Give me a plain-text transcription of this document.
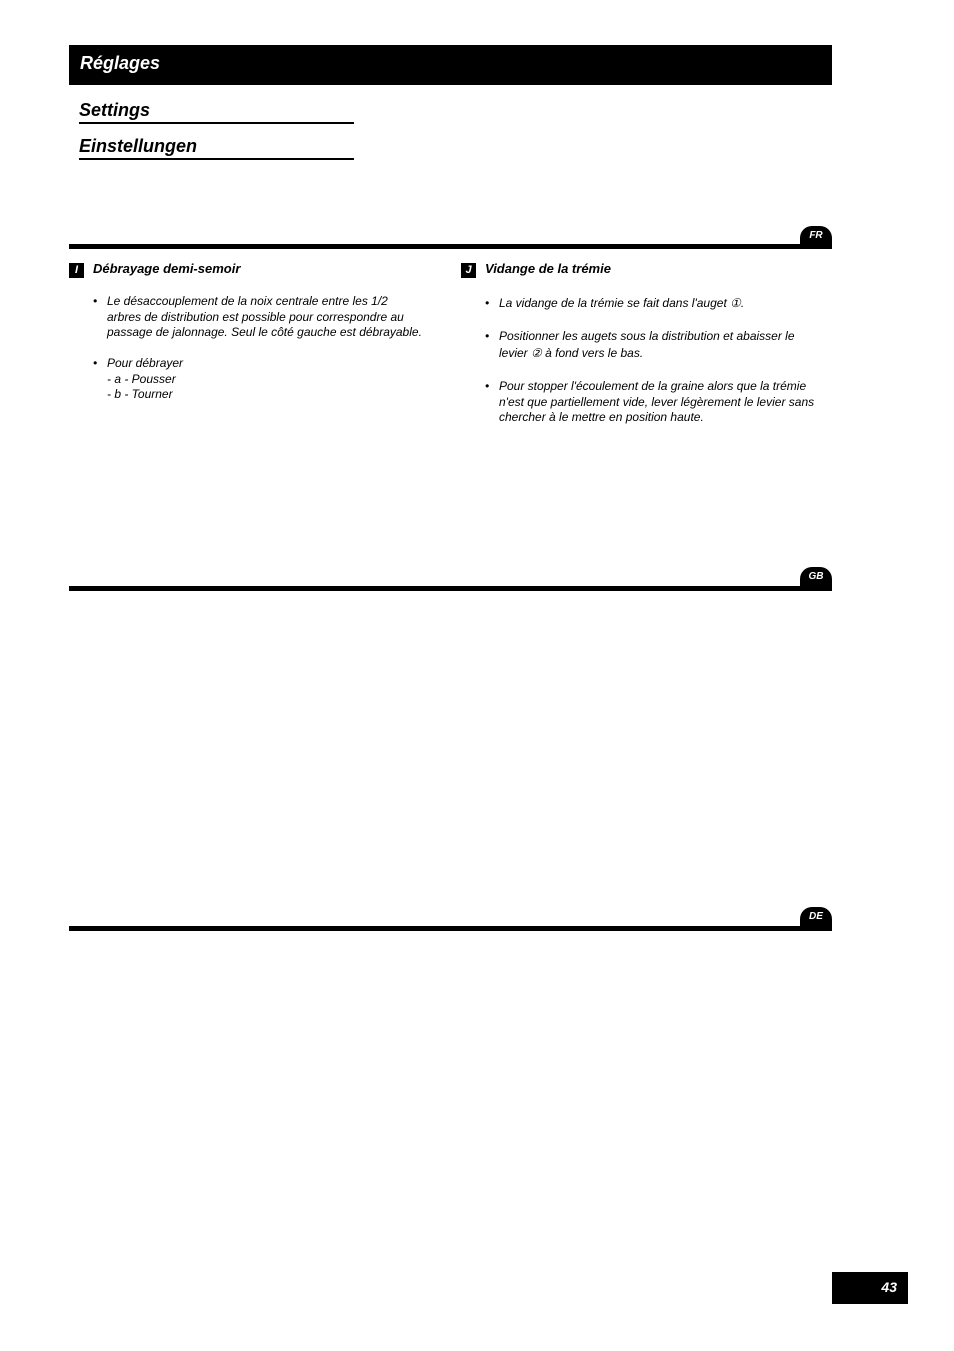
Réglages
Settings
Einstellungen
FR
I	Débrayage demi-semoir
• Le désaccouplement de la noix centrale entre les 1/2
arbres de distribution est possible pour correspondre au
passage de jalonnage. Seul le côté gauche est débrayable.
• Pour débrayer
- a - Pousser
- b - Tourner
J	Vidange de la trémie
• La vidange de la trémie se fait dans l'auget ①.
• Positionner les augets sous la distribution et abaisser le
levier ② à fond vers le bas.
• Pour stopper l'écoulement de la graine alors que la trémie
n'est que partiellement vide, lever légèrement le levier sans
chercher à le mettre en position haute.
GB
DE
43
